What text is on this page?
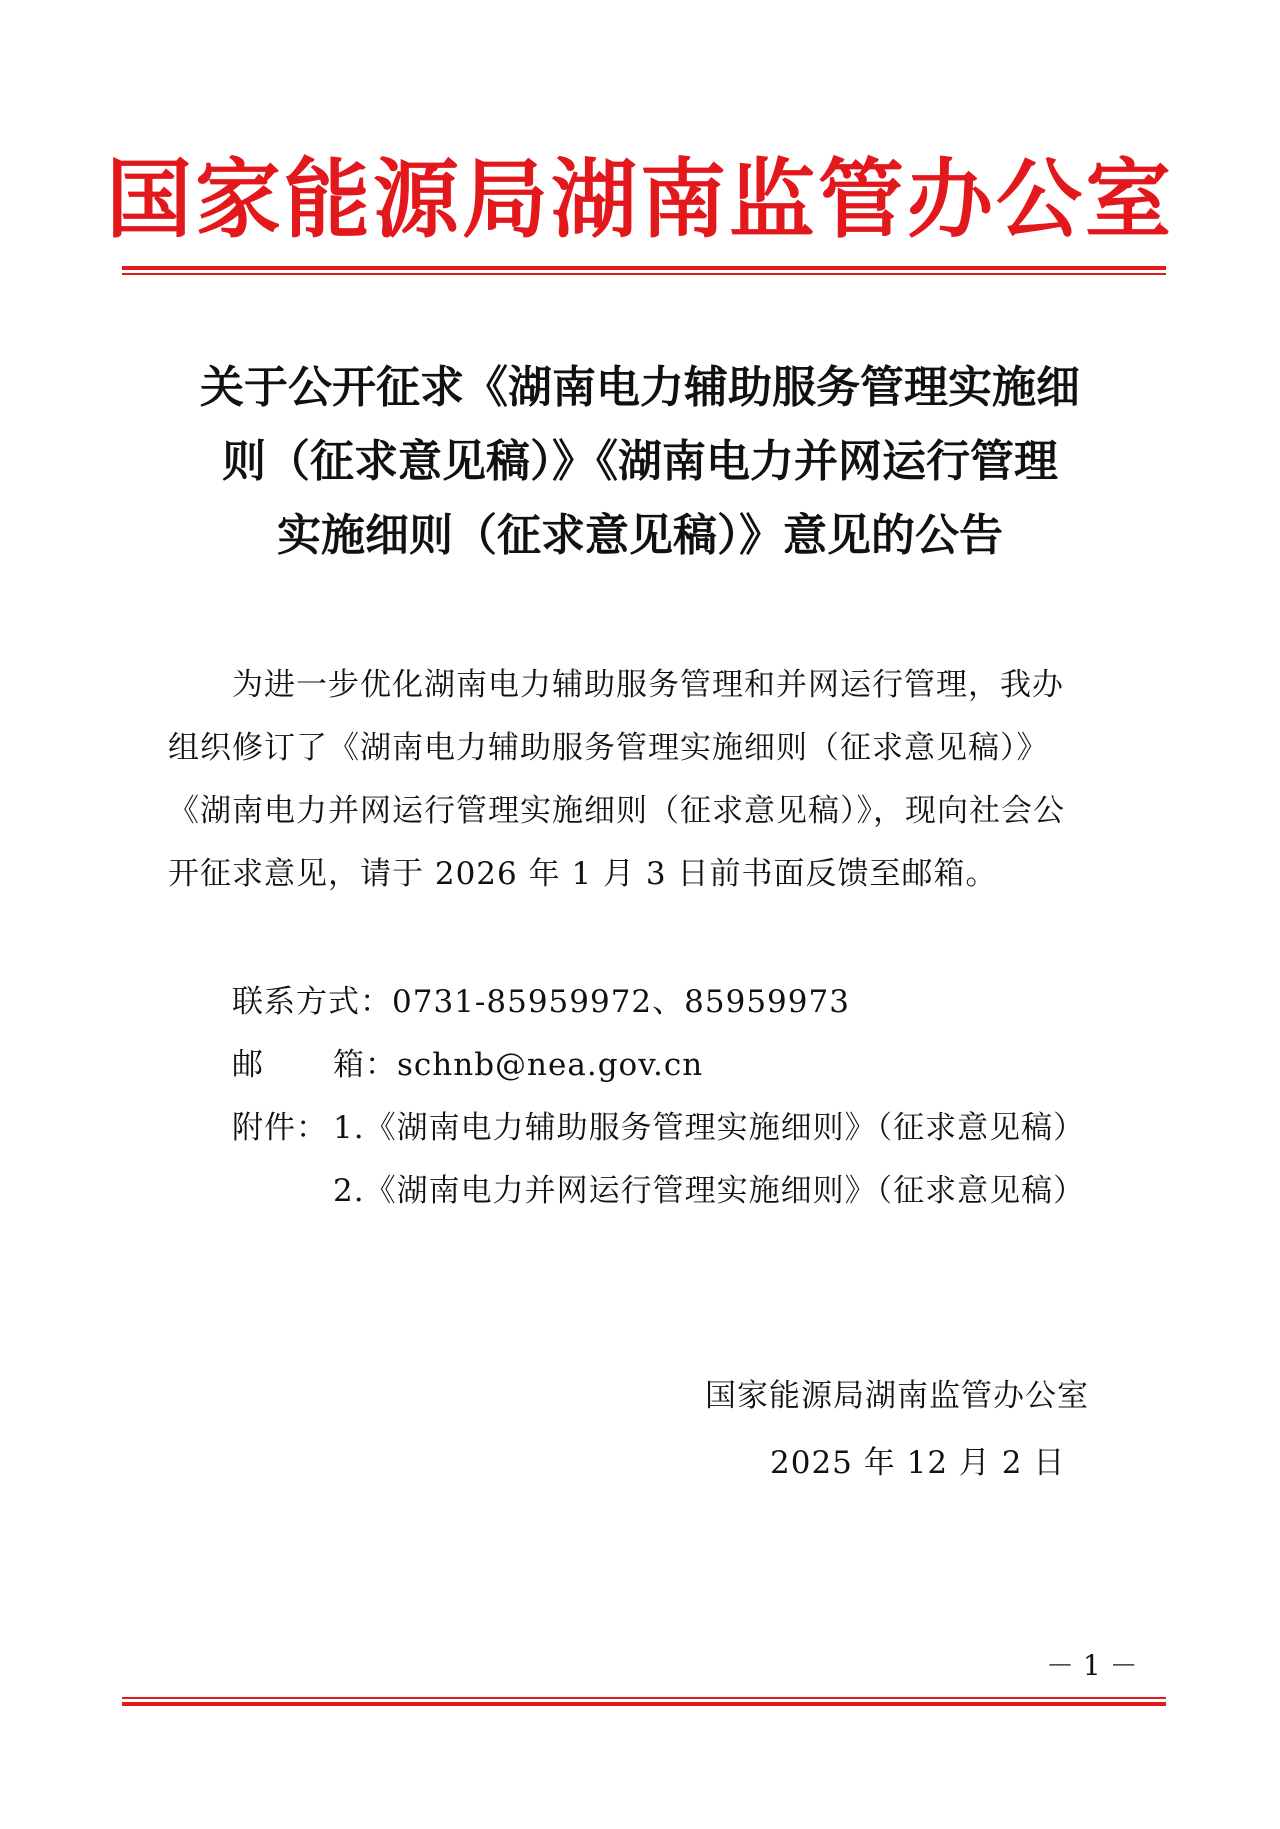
国家能源局湖南监管办公室
关于公开征求《湖南电力辅助服务管理实施细
则（征求意见稿）》《湖南电力并网运行管理
实施细则（征求意见稿）》意见的公告
为进一步优化湖南电力辅助服务管理和并网运行管理，我办
组织修订了《湖南电力辅助服务管理实施细则（征求意见稿）》
《湖南电力并网运行管理实施细则（征求意见稿）》，现向社会公
开征求意见，请于 2026 年 1 月 3 日前书面反馈至邮箱。
联系方式：0731-85959972、85959973
邮 箱：schnb@nea.gov.cn
附件： 1.《湖南电力辅助服务管理实施细则》（征求意见稿）
2.《湖南电力并网运行管理实施细则》（征求意见稿）
国家能源局湖南监管办公室
2025 年 12 月 2 日
－ 1 －
